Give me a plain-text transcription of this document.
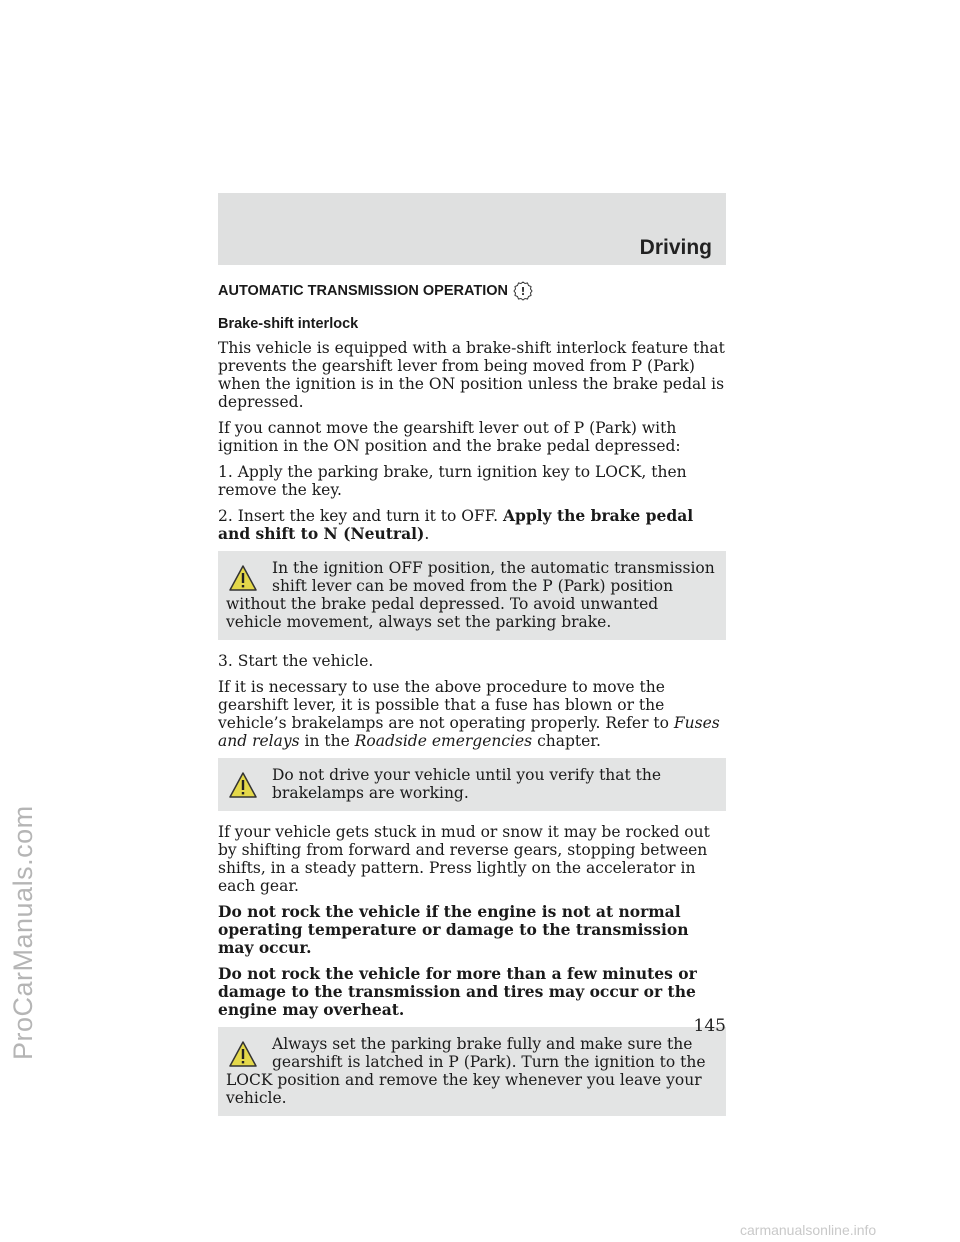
ProCarManuals.com
Driving
AUTOMATIC TRANSMISSION OPERATION !
Brake-shift interlock

This vehicle is equipped with a brake-shift interlock feature that prevents the gearshift lever from being moved from P (Park) when the ignition is in the ON position unless the brake pedal is depressed.

If you cannot move the gearshift lever out of P (Park) with ignition in the ON position and the brake pedal depressed:

1. Apply the parking brake, turn ignition key to LOCK, then remove the key.

2. Insert the key and turn it to OFF. Apply the brake pedal and shift to N (Neutral).

In the ignition OFF position, the automatic transmission shift lever can be moved from the P (Park) position without the brake pedal depressed. To avoid unwanted vehicle movement, always set the parking brake.

3. Start the vehicle.

If it is necessary to use the above procedure to move the gearshift lever, it is possible that a fuse has blown or the vehicle’s brakelamps are not operating properly. Refer to Fuses and relays in the Roadside emergencies chapter.

Do not drive your vehicle until you verify that the brakelamps are working.

If your vehicle gets stuck in mud or snow it may be rocked out by shifting from forward and reverse gears, stopping between shifts, in a steady pattern. Press lightly on the accelerator in each gear.

Do not rock the vehicle if the engine is not at normal operating temperature or damage to the transmission may occur.

Do not rock the vehicle for more than a few minutes or damage to the transmission and tires may occur or the engine may overheat.

Always set the parking brake fully and make sure the gearshift is latched in P (Park). Turn the ignition to the LOCK position and remove the key whenever you leave your vehicle.
145
carmanualsonline.info
